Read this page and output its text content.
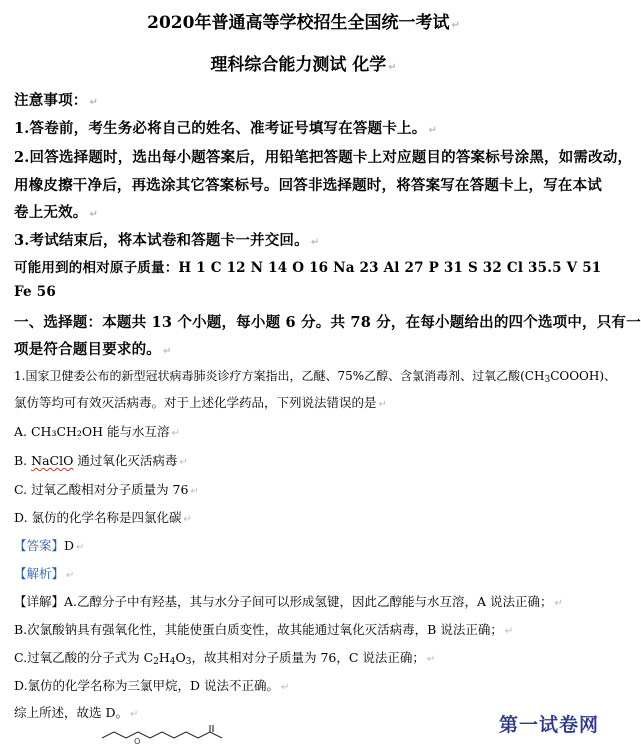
2020年普通高等学校招生全国统一考试 ↵
理科综合能力测试 化学 ↵
注意事项： ↵
1.答卷前，考生务必将自己的姓名、准考证号填写在答题卡上。 ↵
2.回答选择题时，选出每小题答案后，用铅笔把答题卡上对应题目的答案标号涂黑，如需改动，
用橡皮擦干净后，再选涂其它答案标号。回答非选择题时，将答案写在答题卡上，写在本试
卷上无效。 ↵
3.考试结束后，将本试卷和答题卡一并交回。 ↵
可能用到的相对原子质量：H 1 C 12 N 14 O 16 Na 23 Al 27 P 31 S 32 Cl 35.5 V 51
Fe 56
一、选择题：本题共 13 个小题，每小题 6 分。共 78 分，在每小题给出的四个选项中，只有一
项是符合题目要求的。 ↵
1.国家卫健委公布的新型冠状病毒肺炎诊疗方案指出，乙醚、75%乙醇、含氯消毒剂、过氧乙酸$(CH_3COOOH)$、
氯仿等均可有效灭活病毒。对于上述化学药品，下列说法错误的是 ↵
A. CH₃CH₂OH 能与水互溶 ↵
B. NaClO 通过氧化灭活病毒 ↵
C. 过氧乙酸相对分子质量为 76 ↵
D. 氯仿的化学名称是四氯化碳 ↵
【答案】D ↵
【解析】 ↵
【详解】A.乙醇分子中有羟基，其与水分子间可以形成氢键，因此乙醇能与水互溶，A 说法正确； ↵
B.次氯酸钠具有强氧化性，其能使蛋白质变性，故其能通过氧化灭活病毒，B 说法正确； ↵
C.过氧乙酸的分子式为 $C_2H_4O_3$，故其相对分子质量为 76，C 说法正确； ↵
D.氯仿的化学名称为三氯甲烷，D 说法不正确。 ↵
综上所述，故选 D。 ↵
O
第一试卷网
